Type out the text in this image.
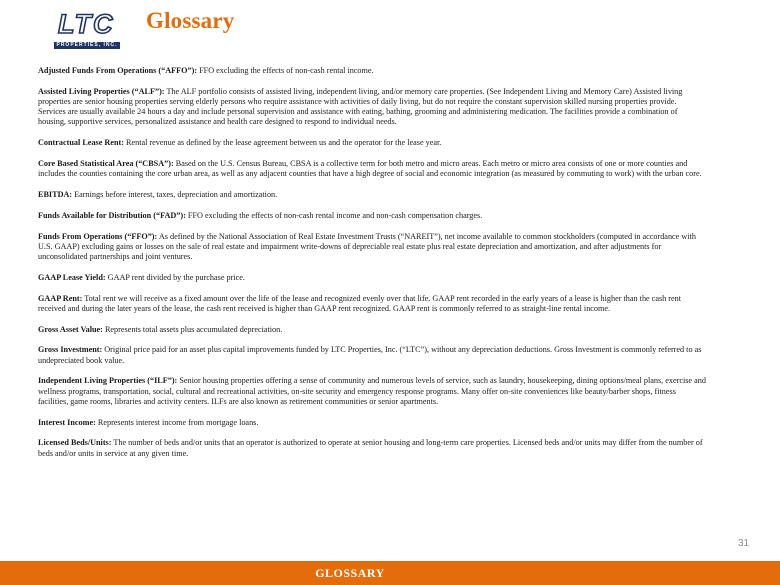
LTC
PROPERTIES, INC.
Glossary

Adjusted Funds From Operations (“AFFO”): FFO excluding the effects of non-cash rental income.

Assisted Living Properties (“ALF”): The ALF portfolio consists of assisted living, independent living, and/or memory care properties. (See Independent Living and Memory Care) Assisted living properties are senior housing properties serving elderly persons who require assistance with activities of daily living, but do not require the constant supervision skilled nursing properties provide. Services are usually available 24 hours a day and include personal supervision and assistance with eating, bathing, grooming and administering medication. The facilities provide a combination of housing, supportive services, personalized assistance and health care designed to respond to individual needs.

Contractual Lease Rent: Rental revenue as defined by the lease agreement between us and the operator for the lease year.

Core Based Statistical Area (“CBSA”): Based on the U.S. Census Bureau, CBSA is a collective term for both metro and micro areas. Each metro or micro area consists of one or more counties and includes the counties containing the core urban area, as well as any adjacent counties that have a high degree of social and economic integration (as measured by commuting to work) with the urban core.

EBITDA: Earnings before interest, taxes, depreciation and amortization.

Funds Available for Distribution (“FAD”): FFO excluding the effects of non-cash rental income and non-cash compensation charges.

Funds From Operations (“FFO”): As defined by the National Association of Real Estate Investment Trusts (“NAREIT”), net income available to common stockholders (computed in accordance with U.S. GAAP) excluding gains or losses on the sale of real estate and impairment write-downs of depreciable real estate plus real estate depreciation and amortization, and after adjustments for unconsolidated partnerships and joint ventures.

GAAP Lease Yield: GAAP rent divided by the purchase price.

GAAP Rent: Total rent we will receive as a fixed amount over the life of the lease and recognized evenly over that life. GAAP rent recorded in the early years of a lease is higher than the cash rent received and during the later years of the lease, the cash rent received is higher than GAAP rent recognized. GAAP rent is commonly referred to as straight-line rental income.

Gross Asset Value: Represents total assets plus accumulated depreciation.

Gross Investment: Original price paid for an asset plus capital improvements funded by LTC Properties, Inc. (“LTC”), without any depreciation deductions. Gross Investment is commonly referred to as undepreciated book value.

Independent Living Properties (“ILF”): Senior housing properties offering a sense of community and numerous levels of service, such as laundry, housekeeping, dining options/meal plans, exercise and wellness programs, transportation, social, cultural and recreational activities, on-site security and emergency response programs. Many offer on-site conveniences like beauty/barber shops, fitness facilities, game rooms, libraries and activity centers. ILFs are also known as retirement communities or senior apartments.

Interest Income: Represents interest income from mortgage loans.

Licensed Beds/Units: The number of beds and/or units that an operator is authorized to operate at senior housing and long-term care properties. Licensed beds and/or units may differ from the number of beds and/or units in service at any given time.

31
GLOSSARY
